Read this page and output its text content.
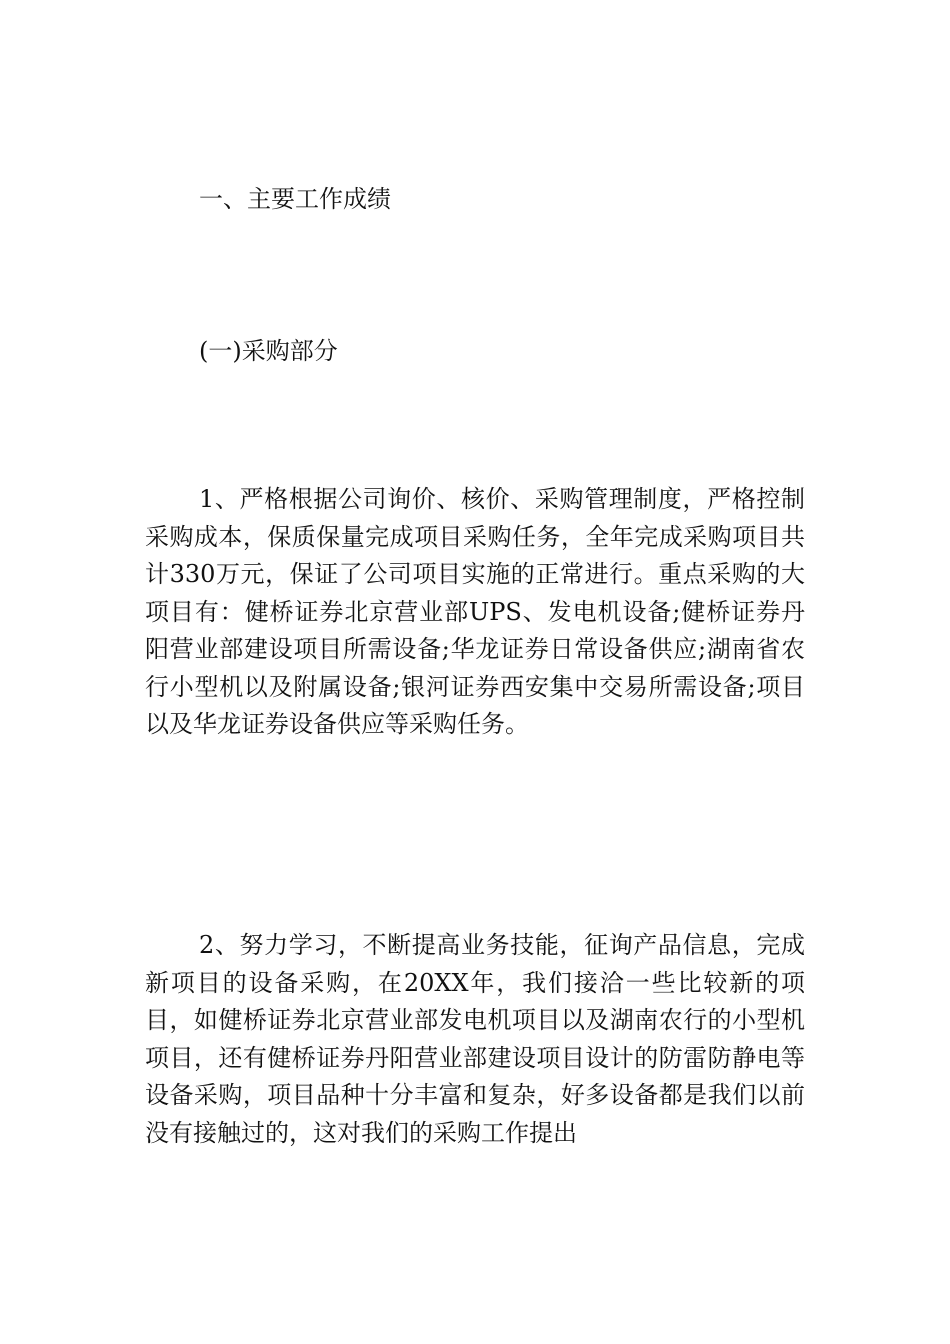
一、主要工作成绩
(一)采购部分

1、严格根据公司询价、核价、采购管理制度，严格控制采购成本，保质保量完成项目采购任务，全年完成采购项目共计330万元，保证了公司项目实施的正常进行。重点采购的大项目有：健桥证券北京营业部UPS、发电机设备;健桥证券丹阳营业部建设项目所需设备;华龙证券日常设备供应;湖南省农行小型机以及附属设备;银河证券西安集中交易所需设备;项目以及华龙证券设备供应等采购任务。

2、努力学习，不断提高业务技能，征询产品信息，完成新项目的设备采购，在20XX年，我们接洽一些比较新的项目，如健桥证券北京营业部发电机项目以及湖南农行的小型机项目，还有健桥证券丹阳营业部建设项目设计的防雷防静电等设备采购，项目品种十分丰富和复杂，好多设备都是我们以前没有接触过的，这对我们的采购工作提出
